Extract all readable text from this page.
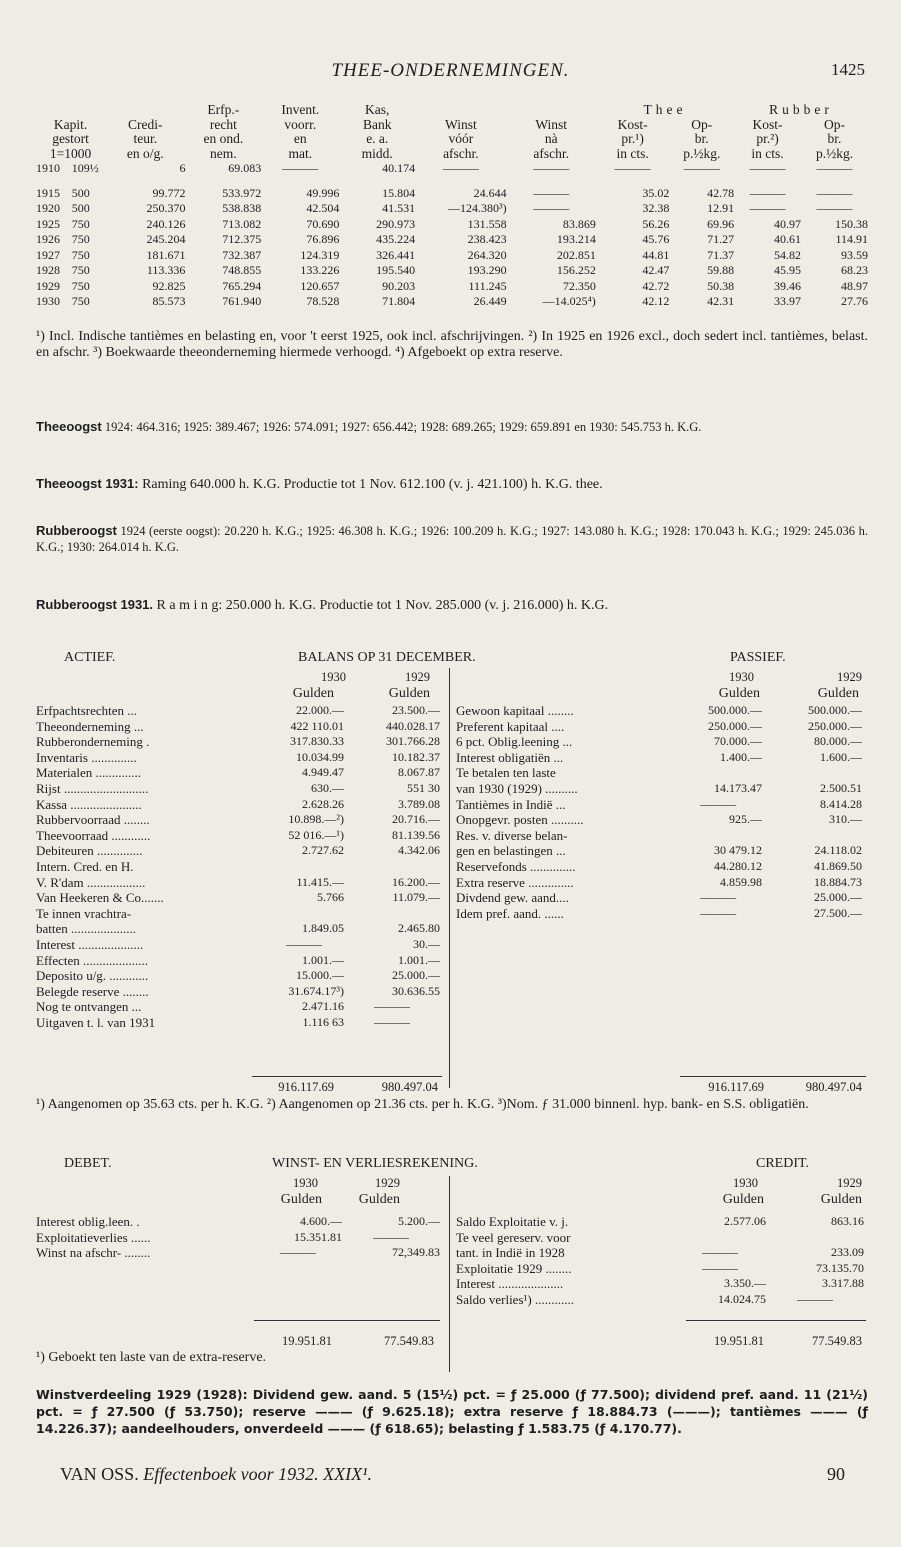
THEE-ONDERNEMINGEN.	1425
			Erfp.-	Invent.	Kas,			Thee		Rubber	
Kapit.		Credi-	recht	voorr.	Bank	Winst	Winst	Kost-	Op-	Kost-	Op-
gestort		teur.	en ond.	en	e. a.	vóór	nà	pr.¹)	br.	pr.²)	br.
1=1000		en o/g.	nem.	mat.	midd.	afschr.	afschr.	in cts.	p.½kg.	in cts.	p.½kg.
1910	109½	6	69.083	———	40.174	———	———	———	———	———	———

1915	500	99.772	533.972	49.996	15.804	24.644	———	35.02	42.78	———	———
1920	500	250.370	538.838	42.504	41.531	—124.380³)	———	32.38	12.91	———	———
1925	750	240.126	713.082	70.690	290.973	131.558	83.869	56.26	69.96	40.97	150.38
1926	750	245.204	712.375	76.896	435.224	238.423	193.214	45.76	71.27	40.61	114.91
1927	750	181.671	732.387	124.319	326.441	264.320	202.851	44.81	71.37	54.82	93.59
1928	750	113.336	748.855	133.226	195.540	193.290	156.252	42.47	59.88	45.95	68.23
1929	750	92.825	765.294	120.657	90.203	111.245	72.350	42.72	50.38	39.46	48.97
1930	750	85.573	761.940	78.528	71.804	26.449	—14.025⁴)	42.12	42.31	33.97	27.76
¹) Incl. Indische tantièmes en belasting en, voor 't eerst 1925, ook incl. afschrijvingen. ²) In 1925 en 1926 excl., doch sedert incl. tantièmes, belast. en afschr. ³) Boekwaarde theeonderneming hiermede verhoogd. ⁴) Afgeboekt op extra reserve.
Theeoogst 1924: 464.316; 1925: 389.467; 1926: 574.091; 1927: 656.442; 1928: 689.265; 1929: 659.891 en 1930: 545.753 h. K.G.
Theeoogst 1931: Raming 640.000 h. K.G. Productie tot 1 Nov. 612.100 (v. j. 421.100) h. K.G. thee.
Rubberoogst 1924 (eerste oogst): 20.220 h. K.G.; 1925: 46.308 h. K.G.; 1926: 100.209 h. K.G.; 1927: 143.080 h. K.G.; 1928: 170.043 h. K.G.; 1929: 245.036 h. K.G.; 1930: 264.014 h. K.G.
Rubberoogst 1931. R a m i n g: 250.000 h. K.G. Productie tot 1 Nov. 285.000 (v. j. 216.000) h. K.G.
ACTIEF.	BALANS OP 31 DECEMBER.	PASSIEF.
1930	1929
Gulden	Gulden
1930	1929
Gulden	Gulden
Erfpachtsrechten ...	22.000.—	23.500.—
Theeonderneming ...	422 110.01	440.028.17
Rubberonderneming .	317.830.33	301.766.28
Inventaris ..............	10.034.99	10.182.37
Materialen ..............	4.949.47	8.067.87
Rijst ..........................	630.—	551 30
Kassa ......................	2.628.26	3.789.08
Rubbervoorraad ........	10.898.—²)	20.716.—
Theevoorraad ............	52 016.—¹)	81.139.56
Debiteuren ..............	2.727.62	4.342.06
Intern. Cred. en H.		
V. R'dam ..................	11.415.—	16.200.—
Van Heekeren & Co.......	5.766	11.079.—
Te innen vrachtra-		
batten ....................	1.849.05	2.465.80
Interest ....................	———	30.—
Effecten ....................	1.001.—	1.001.—
Deposito u/g. ............	15.000.—	25.000.—
Belegde reserve ........	31.674.17³)	30.636.55
Nog te ontvangen ...	2.471.16	———
Uitgaven t. l. van 1931	1.116 63	———
Gewoon kapitaal ........	500.000.—	500.000.—
Preferent kapitaal ....	250.000.—	250.000.—
6 pct. Oblig.leening ...	70.000.—	80.000.—
Interest obligatiën ...	1.400.—	1.600.—
Te betalen ten laste		
van 1930 (1929) ..........	14.173.47	2.500.51
Tantièmes in Indië ...	———	8.414.28
Onopgevr. posten ..........	925.—	310.—
Res. v. diverse belan-		
gen en belastingen ...	30 479.12	24.118.02
Reservefonds ..............	44.280.12	41.869.50
Extra reserve ..............	4.859.98	18.884.73
Divdend gew. aand....	———	25.000.—
Idem pref. aand. ......	———	27.500.—
916.117.69	980.497.04	916.117.69	980.497.04
¹) Aangenomen op 35.63 cts. per h. K.G. ²) Aangenomen op 21.36 cts. per h. K.G. ³)Nom. ƒ 31.000 binnenl. hyp. bank- en S.S. obligatiën.
DEBET.	WINST- EN VERLIESREKENING.	CREDIT.
1930	1929
Gulden	Gulden
1930	1929
Gulden	Gulden
Interest oblig.leen. .	4.600.—	5.200.—
Exploitatieverlies ......	15.351.81	———
Winst na afschr- ........	———	72,349.83
Saldo Exploitatie v. j.	2.577.06	863.16
Te veel gereserv. voor		
tant. in Indië in 1928	———	233.09
Exploitatie 1929 ........	———	73.135.70
Interest ....................	3.350.—	3.317.88
Saldo verlies¹) ............	14.024.75	———
19.951.81	77.549.83	19.951.81	77.549.83
¹) Geboekt ten laste van de extra-reserve.
Winstverdeeling 1929 (1928): Dividend gew. aand. 5 (15½) pct. = ƒ 25.000 (ƒ 77.500); dividend pref. aand. 11 (21½) pct. = ƒ 27.500 (ƒ 53.750); reserve ——— (ƒ 9.625.18); extra reserve ƒ 18.884.73 (———); tantièmes ——— (ƒ 14.226.37); aandeelhouders, onverdeeld ——— (ƒ 618.65); belasting ƒ 1.583.75 (ƒ 4.170.77).
VAN OSS. Effectenboek voor 1932. XXIX¹.	90
